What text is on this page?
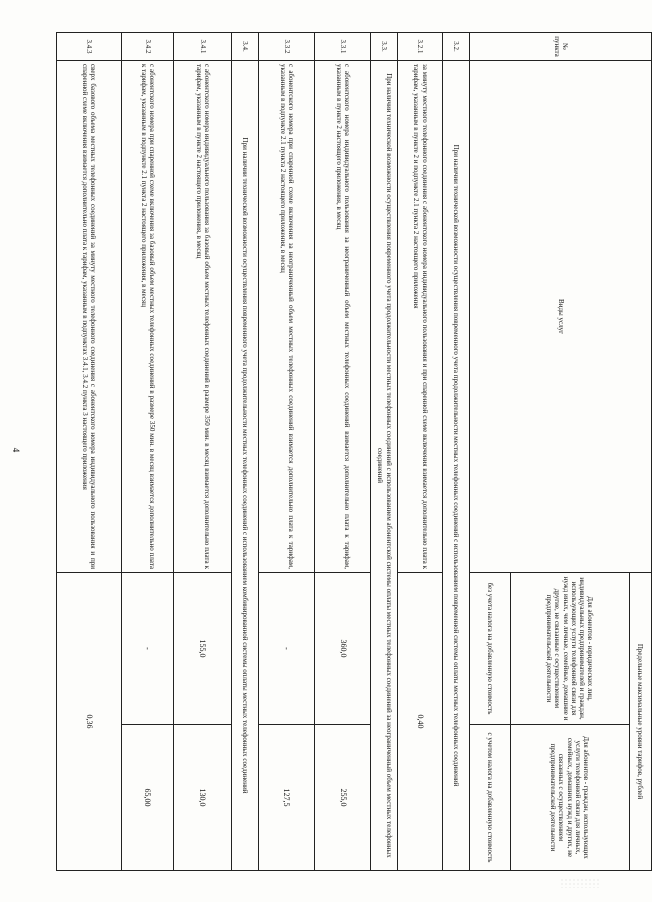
4
№ пункта	Виды услуг	Предельные максимальные уровни тарифов, рублей	
		Для абонентов - юридических лиц, индивидуальных предпринимателей и граждан, использующих услуги телефонной связи для нужд иных, чем личные, семейные, домашние и другие, не связанные с осуществлением предпринимательской деятельности	Для абонентов - граждан, использующих услуги телефонной связи для личных, семейных, домашних нужд и других, не связанных с осуществлением предпринимательской деятельности
		без учета налога на добавленную стоимость	с учетом налога на добавленную стоимость
3.2.	При наличии технической возможности осуществления повременного учета продолжительности местных телефонных соединений с использованием повременной системы оплаты местных телефонных соединений		
3.2.1	за минуту местного телефонного соединения с абонентского номера индивидуального пользования и при спаренной схеме включения взимается дополнительно плата к тарифам, указанным в пункте 2 и подпункте 2.1 пункта 2 настоящего приложения	0,40	
3.3.	При наличии технической возможности осуществления повременного учета продолжительности местных телефонных соединений с использованием абонентской системы оплаты местных телефонных соединений за неограниченный объем местных телефонных соединений		
3.3.1	с абонентского номера индивидуального пользования за неограниченный объем местных телефонных соединений взимается дополнительно плата к тарифам, указанным в пункте 2 настоящего приложения, в месяц	360,0	255,0
3.3.2	с абонентского номера при спаренной схеме включения за неограниченный объем местных телефонных соединений взимается дополнительно плата к тарифам, указанным в подпункте 2.1 пункта 2 настоящего приложения, в месяц	-	127,5
3.4.	При наличии технической возможности осуществления повременного учета продолжительности местных телефонных соединений с использованием комбинированной системы оплаты местных телефонных соединений		
3.4.1	с абонентского номера индивидуального пользования за базовый объем местных телефонных соединений в размере 350 мин. в месяц взимается дополнительно плата к тарифам, указанным в пункте 2 настоящего приложения, в месяц	155,0	130,0
3.4.2	с абонентского номера при спаренной схеме включения за базовый объем местных телефонных соединений в размере 350 мин. в месяц взимается дополнительно плата к тарифам, указанным в подпункте 2.1 пункта 2 настоящего приложения, в месяц	-	65,00
3.4.3	сверх базового объема местных телефонных соединений за минуту местного телефонного соединения с абонентского номера индивидуального пользования и при спаренной схеме включения взимается дополнительно плата к тарифам, указанным в подпунктах 3.4.1, 3.4.2 пункта 3 настоящего приложения	0,36	
